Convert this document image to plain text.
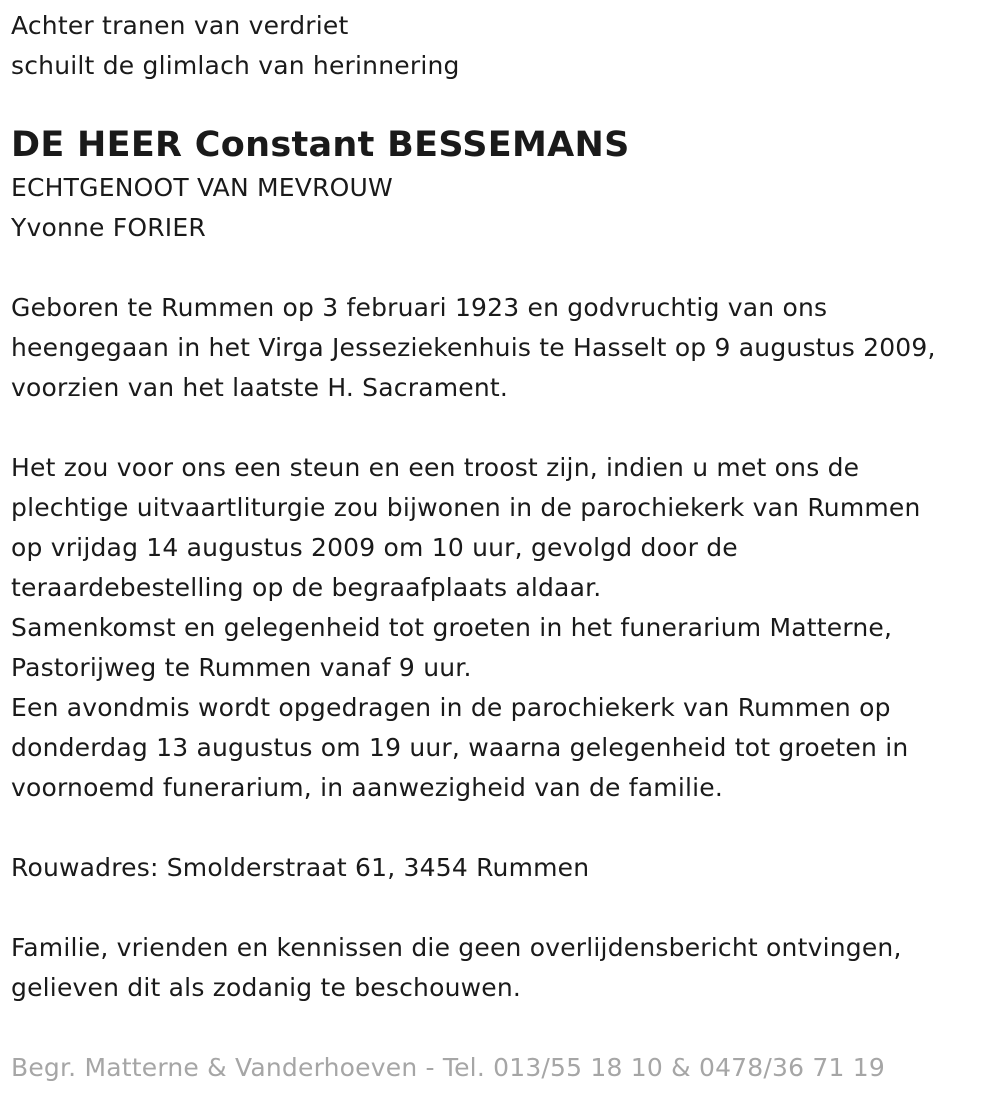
Achter tranen van verdriet
schuilt de glimlach van herinnering
DE HEER Constant BESSEMANS
ECHTGENOOT VAN MEVROUW
Yvonne FORIER
Geboren te Rummen op 3 februari 1923 en godvruchtig van ons
heengegaan in het Virga Jesseziekenhuis te Hasselt op 9 augustus 2009,
voorzien van het laatste H. Sacrament.
Het zou voor ons een steun en een troost zijn, indien u met ons de
plechtige uitvaartliturgie zou bijwonen in de parochiekerk van Rummen
op vrijdag 14 augustus 2009 om 10 uur, gevolgd door de
teraardebestelling op de begraafplaats aldaar.
Samenkomst en gelegenheid tot groeten in het funerarium Matterne,
Pastorijweg te Rummen vanaf 9 uur.
Een avondmis wordt opgedragen in de parochiekerk van Rummen op
donderdag 13 augustus om 19 uur, waarna gelegenheid tot groeten in
voornoemd funerarium, in aanwezigheid van de familie.
Rouwadres: Smolderstraat 61, 3454 Rummen
Familie, vrienden en kennissen die geen overlijdensbericht ontvingen,
gelieven dit als zodanig te beschouwen.
Begr. Matterne & Vanderhoeven - Tel. 013/55 18 10 & 0478/36 71 19
